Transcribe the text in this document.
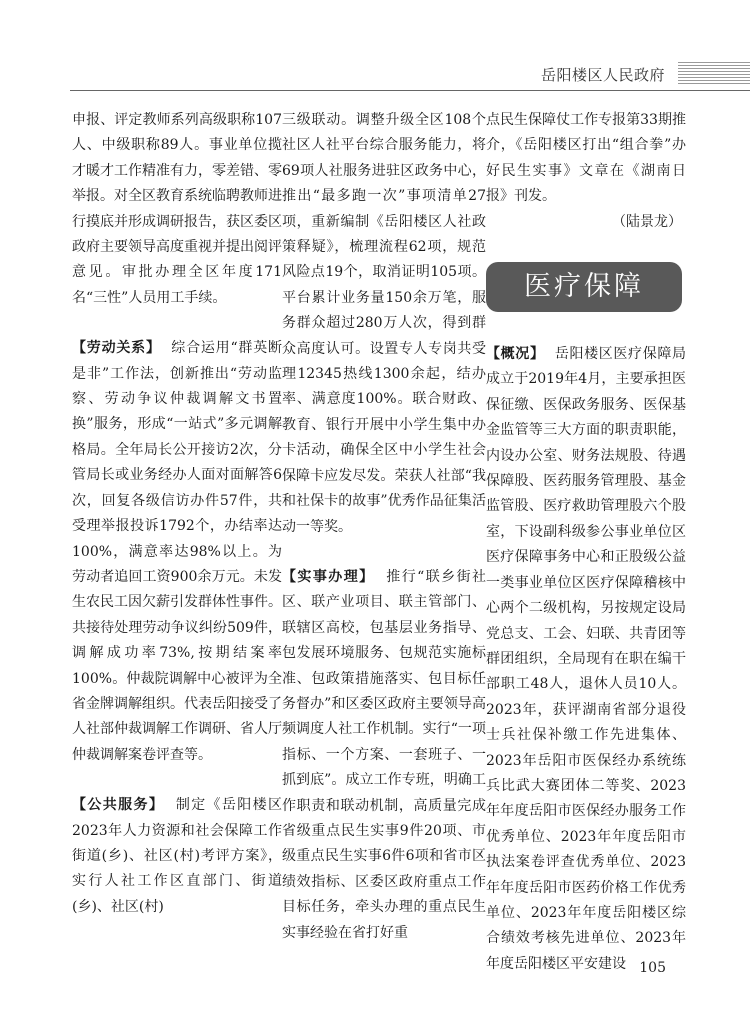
岳阳楼区人民政府

申报、评定教师系列高级职称107人、中级职称89人。事业单位揽才暖才工作精准有力，零差错、零举报。对全区教育系统临聘教师进行摸底并形成调研报告，获区委区政府主要领导高度重视并提出阅评意见。审批办理全区年度171名“三性”人员用工手续。

【劳动关系】 综合运用“群英断是非”工作法，创新推出“劳动监察、劳动争议仲裁调解文书置换”服务，形成“一站式”多元调解格局。全年局长公开接访2次，分管局长或业务经办人面对面解答6次，回复各级信访办件57件，共受理举报投诉1792个，办结率达100%，满意率达98%以上。为劳动者追回工资900余万元。未发生农民工因欠薪引发群体性事件。共接待处理劳动争议纠纷509件，调解成功率73%,按期结案率100%。仲裁院调解中心被评为全省金牌调解组织。代表岳阳接受了人社部仲裁调解工作调研、省人厅仲裁调解案卷评查等。

【公共服务】 制定《岳阳楼区2023年人力资源和社会保障工作街道(乡)、社区(村)考评方案》，实行人社工作区直部门、街道(乡)、社区(村)

三级联动。调整升级全区108个社区人社平台综合服务能力，将69项人社服务进驻区政务中心，推出“最多跑一次”事项清单27项，重新编制《岳阳楼区人社政策释疑》，梳理流程62项，规范风险点19个，取消证明105项。平台累计业务量150余万笔，服务群众超过280万人次，得到群众高度认可。设置专人专岗共受理12345热线1300余起，结办率、满意度100%。联合财政、教育、银行开展中小学生集中办卡活动，确保全区中小学生社会保障卡应发尽发。荣获人社部“我和社保卡的故事”优秀作品征集活动一等奖。

【实事办理】 推行“联乡街社区、联产业项目、联主管部门、联辖区高校，包基层业务指导、包发展环境服务、包规范实施标准、包政策措施落实、包目标任务督办”和区委区政府主要领导高频调度人社工作机制。实行“一项指标、一个方案、一套班子、一抓到底”。成立工作专班，明确工作职责和联动机制，高质量完成省级重点民生实事9件20项、市级重点民生实事6件6项和省市区绩效指标、区委区政府重点工作目标任务，牵头办理的重点民生实事经验在省打好重

点民生保障仗工作专报第33期推介，《岳阳楼区打出“组合拳”办好民生实事》文章在《湖南日报》刊发。

（陆景龙）

医疗保障

【概况】 岳阳楼区医疗保障局成立于2019年4月，主要承担医保征缴、医保政务服务、医保基金监管等三大方面的职责职能，内设办公室、财务法规股、待遇保障股、医药服务管理股、基金监管股、医疗救助管理股六个股室，下设副科级参公事业单位区医疗保障事务中心和正股级公益一类事业单位区医疗保障稽核中心两个二级机构，另按规定设局党总支、工会、妇联、共青团等群团组织，全局现有在职在编干部职工48人，退休人员10人。2023年，获评湖南省部分退役士兵社保补缴工作先进集体、2023年岳阳市医保经办系统练兵比武大赛团体二等奖、2023年年度岳阳市医保经办服务工作优秀单位、2023年年度岳阳市执法案卷评查优秀单位、2023年年度岳阳市医药价格工作优秀单位、2023年年度岳阳楼区综合绩效考核先进单位、2023年年度岳阳楼区平安建设 105
